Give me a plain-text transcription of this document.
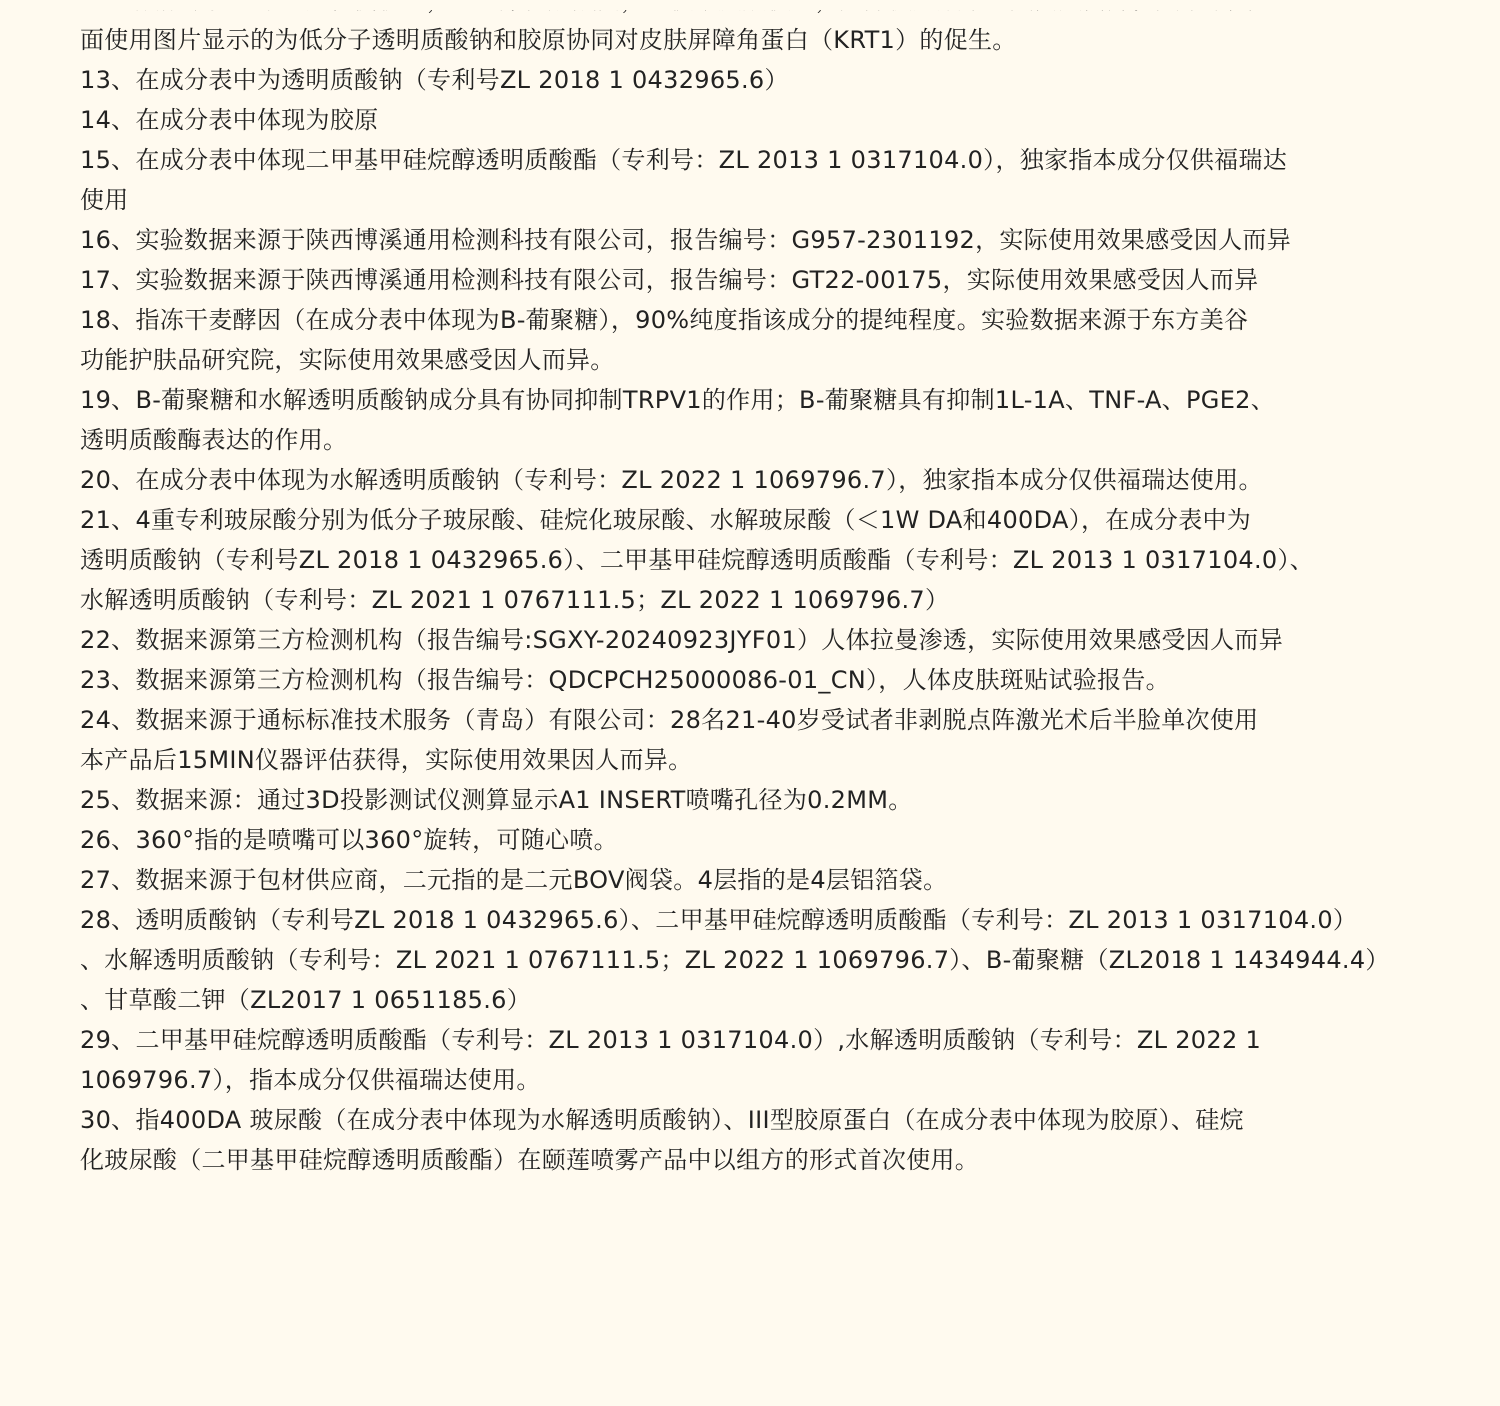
面使用图片显示的为低分子透明质酸钠和胶原协同对皮肤屏障角蛋白（KRT1）的促生。

13、在成分表中为透明质酸钠（专利号ZL 2018 1 0432965.6）

14、在成分表中体现为胶原

15、在成分表中体现二甲基甲硅烷醇透明质酸酯（专利号：ZL 2013 1 0317104.0），独家指本成分仅供福瑞达
使用

16、实验数据来源于陕西博溪通用检测科技有限公司，报告编号：G957-2301192，实际使用效果感受因人而异

17、实验数据来源于陕西博溪通用检测科技有限公司，报告编号：GT22-00175，实际使用效果感受因人而异

18、指冻干麦酵因（在成分表中体现为B-葡聚糖），90%纯度指该成分的提纯程度。实验数据来源于东方美谷
功能护肤品研究院，实际使用效果感受因人而异。

19、B-葡聚糖和水解透明质酸钠成分具有协同抑制TRPV1的作用；B-葡聚糖具有抑制1L-1A、TNF-A、PGE2、
透明质酸酶表达的作用。

20、在成分表中体现为水解透明质酸钠（专利号：ZL 2022 1 1069796.7），独家指本成分仅供福瑞达使用。

21、4重专利玻尿酸分别为低分子玻尿酸、硅烷化玻尿酸、水解玻尿酸（＜1W DA和400DA），在成分表中为
透明质酸钠（专利号ZL 2018 1 0432965.6）、二甲基甲硅烷醇透明质酸酯（专利号：ZL 2013 1 0317104.0）、
水解透明质酸钠（专利号：ZL 2021 1 0767111.5；ZL 2022 1 1069796.7）

22、数据来源第三方检测机构（报告编号:SGXY-20240923JYF01）人体拉曼渗透，实际使用效果感受因人而异

23、数据来源第三方检测机构（报告编号：QDCPCH25000086-01_CN），人体皮肤斑贴试验报告。

24、数据来源于通标标准技术服务（青岛）有限公司：28名21-40岁受试者非剥脱点阵激光术后半脸单次使用
本产品后15MIN仪器评估获得，实际使用效果因人而异。

25、数据来源：通过3D投影测试仪测算显示A1 INSERT喷嘴孔径为0.2MM。

26、360°指的是喷嘴可以360°旋转，可随心喷。

27、数据来源于包材供应商，二元指的是二元BOV阀袋。4层指的是4层铝箔袋。

28、透明质酸钠（专利号ZL 2018 1 0432965.6）、二甲基甲硅烷醇透明质酸酯（专利号：ZL 2013 1 0317104.0）
、水解透明质酸钠（专利号：ZL 2021 1 0767111.5；ZL 2022 1 1069796.7）、B-葡聚糖（ZL2018 1 1434944.4）
、甘草酸二钾（ZL2017 1 0651185.6）

29、二甲基甲硅烷醇透明质酸酯（专利号：ZL 2013 1 0317104.0）,水解透明质酸钠（专利号：ZL 2022 1
1069796.7），指本成分仅供福瑞达使用。

30、指400DA 玻尿酸（在成分表中体现为水解透明质酸钠）、III型胶原蛋白（在成分表中体现为胶原）、硅烷
化玻尿酸（二甲基甲硅烷醇透明质酸酯）在颐莲喷雾产品中以组方的形式首次使用。
